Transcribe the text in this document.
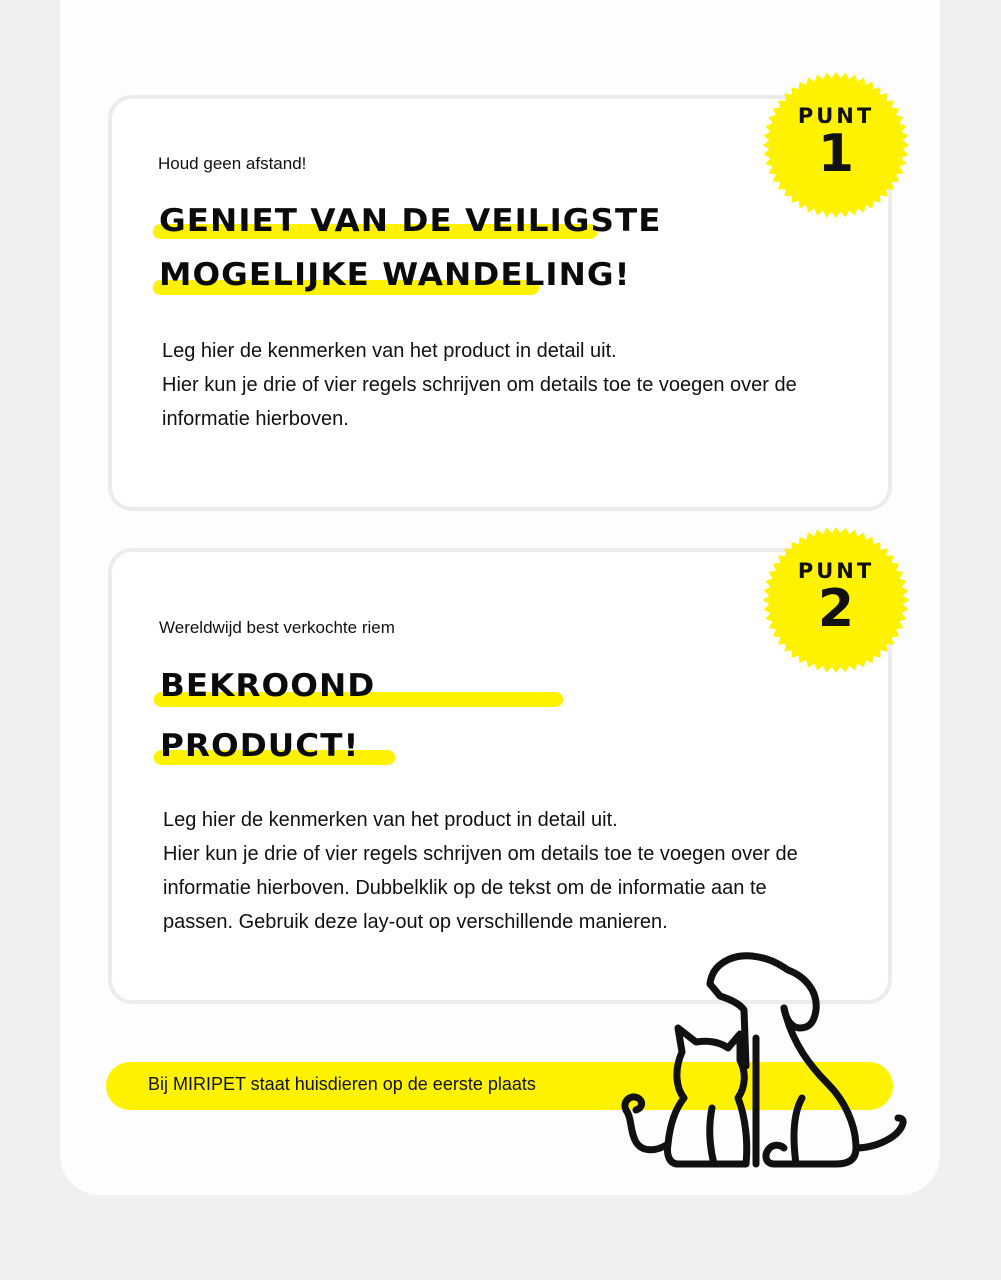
Houd geen afstand!
GENIET VAN DE VEILIGSTE
MOGELIJKE WANDELING!
Leg hier de kenmerken van het product in detail uit.
Hier kun je drie of vier regels schrijven om details toe te voegen over de
informatie hierboven.
PUNT
1
Wereldwijd best verkochte riem
BEKROOND
PRODUCT!
Leg hier de kenmerken van het product in detail uit.
Hier kun je drie of vier regels schrijven om details toe te voegen over de
informatie hierboven. Dubbelklik op de tekst om de informatie aan te
passen. Gebruik deze lay-out op verschillende manieren.
PUNT
2
Bij MIRIPET staat huisdieren op de eerste plaats
